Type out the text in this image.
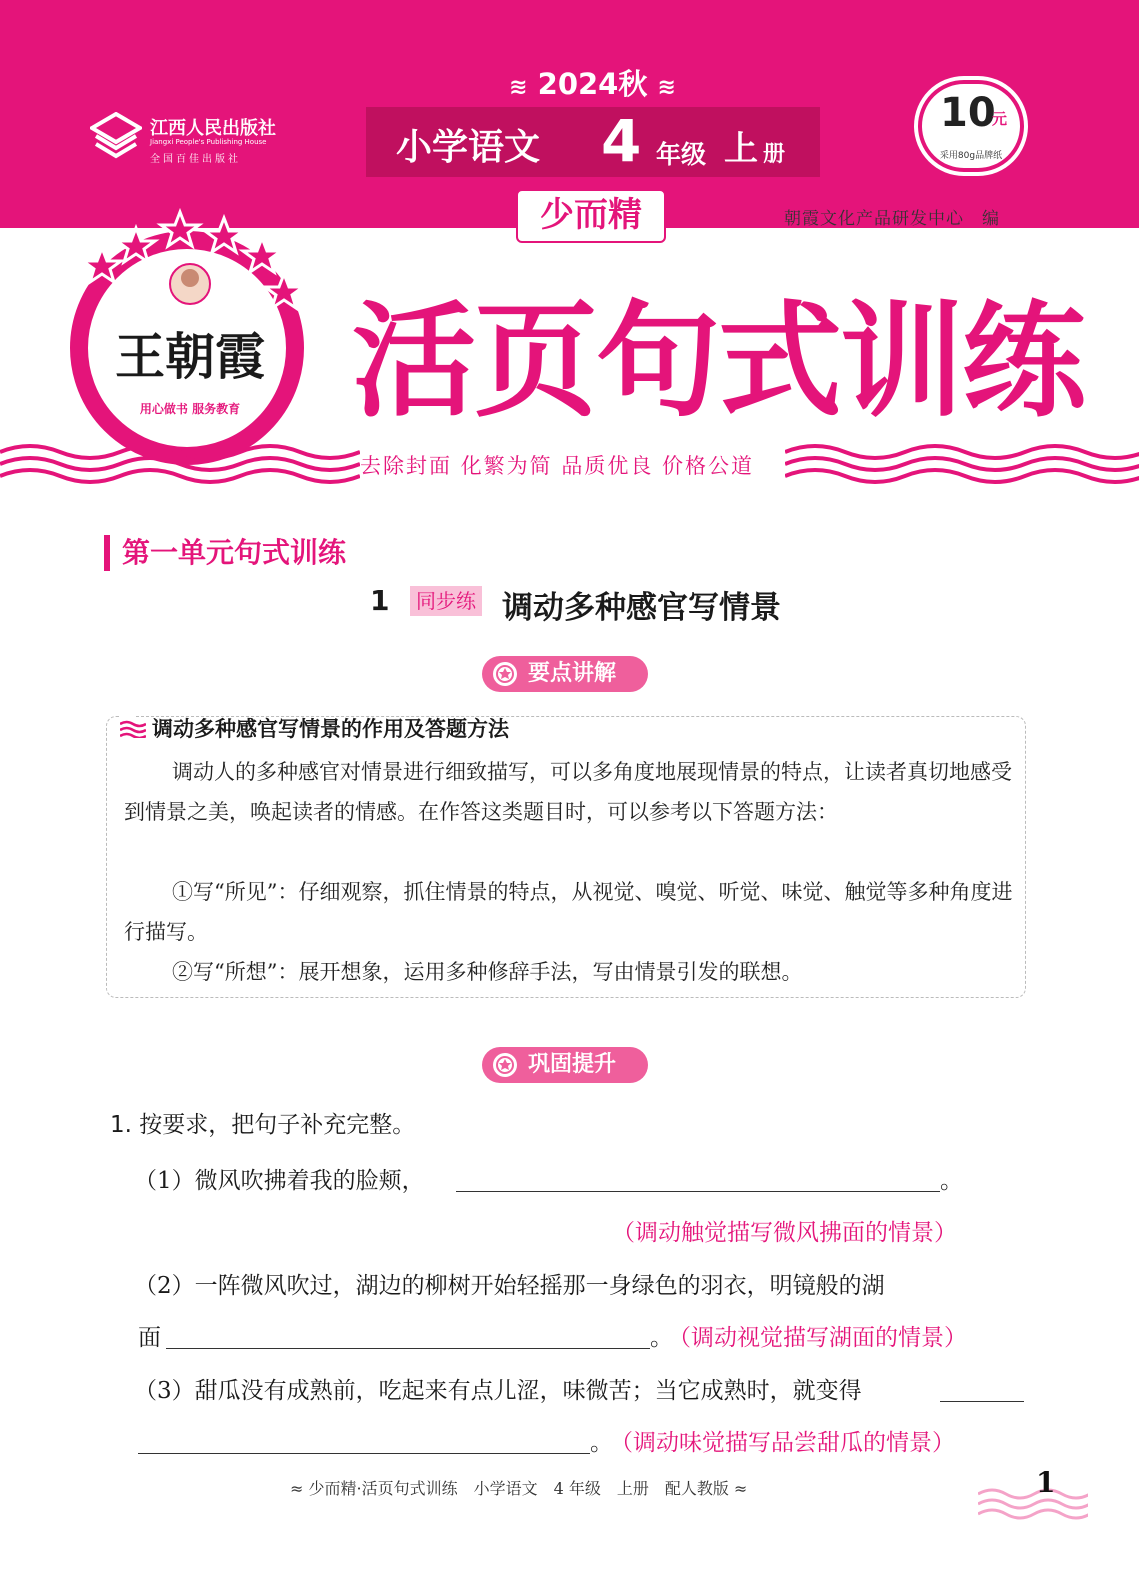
≋ 2024秋 ≋
小学语文 4 年级 上 册
江西人民出版社
Jiangxi People's Publishing House
全国百佳出版社
10
元
采用80g品牌纸
少而精	朝霞文化产品研发中心　编
王朝霞
用心做书 服务教育
WANG ZHAOXIA XILIE CONGSHU 活页句式训练
去除封面 化繁为简 品质优良 价格公道
第一单元句式训练
1	同步练 调动多种感官写情景
要点讲解
调动多种感官写情景的作用及答题方法

调动人的多种感官对情景进行细致描写，可以多角度地展现情景的特点，让读者真切地感受到情景之美，唤起读者的情感。在作答这类题目时，可以参考以下答题方法：

①写“所见”：仔细观察，抓住情景的特点，从视觉、嗅觉、听觉、味觉、触觉等多种角度进行描写。

②写“所想”：展开想象，运用多种修辞手法，写由情景引发的联想。

巩固提升
1. 按要求，把句子补充完整。
（1）微风吹拂着我的脸颊，	。
（调动触觉描写微风拂面的情景）
（2）一阵微风吹过，湖边的柳树开始轻摇那一身绿色的羽衣，明镜般的湖
面	。
（调动视觉描写湖面的情景）
（3）甜瓜没有成熟前，吃起来有点儿涩，味微苦；当它成熟时，就变得
。
（调动味觉描写品尝甜瓜的情景）
≈ 少而精·活页句式训练　小学语文　4 年级　上册　配人教版 ≈	1
